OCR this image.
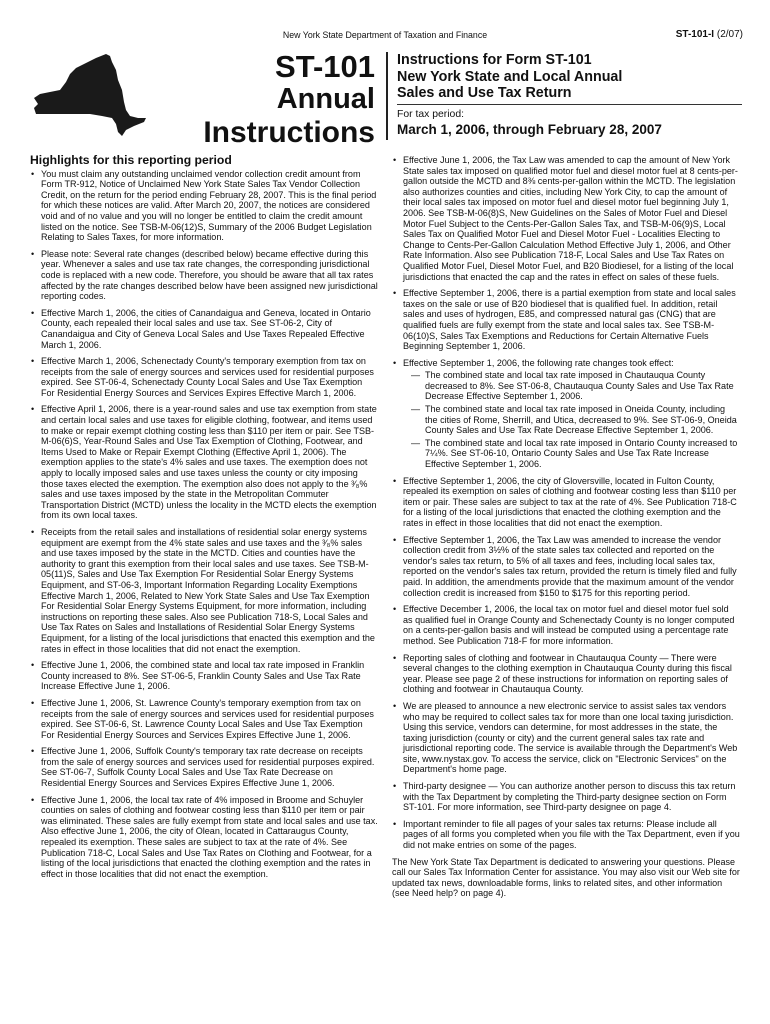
New York State Department of Taxation and Finance	ST-101-I (2/07)
ST-101
Annual
Instructions
Instructions for Form ST-101
New York State and Local Annual
Sales and Use Tax Return
For tax period:
March 1, 2006, through February 28, 2007
Highlights for this reporting period
• You must claim any outstanding unclaimed vendor collection credit amount from Form TR-912, Notice of Unclaimed New York State Sales Tax Vendor Collection Credit, on the return for the period ending February 28, 2007. This is the final period for which these notices are valid. After March 20, 2007, the notices are considered void and of no value and you will no longer be entitled to claim the credit amount listed on the notice. See TSB-M-06(12)S, Summary of the 2006 Budget Legislation Relating to Sales Taxes, for more information.
• Please note: Several rate changes (described below) became effective during this year. Whenever a sales and use tax rate changes, the corresponding jurisdictional code is replaced with a new code. Therefore, you should be aware that all tax rates affected by the rate changes described below have been assigned new jurisdictional reporting codes.
• Effective March 1, 2006, the cities of Canandaigua and Geneva, located in Ontario County, each repealed their local sales and use tax. See ST-06-2, City of Canandaigua and City of Geneva Local Sales and Use Taxes Repealed Effective March 1, 2006.
• Effective March 1, 2006, Schenectady County's temporary exemption from tax on receipts from the sale of energy sources and services used for residential purposes expired. See ST-06-4, Schenectady County Local Sales and Use Tax Exemption For Residential Energy Sources and Services Expires Effective March 1, 2006.
• Effective April 1, 2006, there is a year-round sales and use tax exemption from state and certain local sales and use taxes for eligible clothing, footwear, and items used to make or repair exempt clothing costing less than $110 per item or pair. See TSB-M-06(6)S, Year-Round Sales and Use Tax Exemption of Clothing, Footwear, and Items Used to Make or Repair Exempt Clothing (Effective April 1, 2006). The exemption applies to the state's 4% sales and use taxes. The exemption does not apply to locally imposed sales and use taxes unless the county or city imposing those taxes elected the exemption. The exemption also does not apply to the ³⁄₈% sales and use taxes imposed by the state in the Metropolitan Commuter Transportation District (MCTD) unless the locality in the MCTD elects the exemption from its own local taxes.
• Receipts from the retail sales and installations of residential solar energy systems equipment are exempt from the 4% state sales and use taxes and the ³⁄₈% sales and use taxes imposed by the state in the MCTD. Cities and counties have the authority to grant this exemption from their local sales and use taxes. See TSB-M-05(11)S, Sales and Use Tax Exemption For Residential Solar Energy Systems Equipment, and ST-06-3, Important Information Regarding Locality Exemptions Effective March 1, 2006, Related to New York State Sales and Use Tax Exemption For Residential Solar Energy Systems Equipment, for more information, including instructions on reporting these sales. Also see Publication 718-S, Local Sales and Use Tax Rates on Sales and Installations of Residential Solar Energy Systems Equipment, for a listing of the local jurisdictions that enacted this exemption and the rates in effect in those localities that did not enact the exemption.
• Effective June 1, 2006, the combined state and local tax rate imposed in Franklin County increased to 8%. See ST-06-5, Franklin County Sales and Use Tax Rate Increase Effective June 1, 2006.
• Effective June 1, 2006, St. Lawrence County's temporary exemption from tax on receipts from the sale of energy sources and services used for residential purposes expired. See ST-06-6, St. Lawrence County Local Sales and Use Tax Exemption For Residential Energy Sources and Services Expires Effective June 1, 2006.
• Effective June 1, 2006, Suffolk County's temporary tax rate decrease on receipts from the sale of energy sources and services used for residential purposes expired. See ST-06-7, Suffolk County Local Sales and Use Tax Rate Decrease on Residential Energy Sources and Services Expires Effective June 1, 2006.
• Effective June 1, 2006, the local tax rate of 4% imposed in Broome and Schuyler counties on sales of clothing and footwear costing less than $110 per item or pair was eliminated. These sales are fully exempt from state and local sales and use tax. Also effective June 1, 2006, the city of Olean, located in Cattaraugus County, repealed its exemption. These sales are subject to tax at the rate of 4%. See Publication 718-C, Local Sales and Use Tax Rates on Clothing and Footwear, for a listing of the local jurisdictions that enacted the clothing exemption and the rates in effect in those localities that did not enact the exemption.
• Effective June 1, 2006, the Tax Law was amended to cap the amount of New York State sales tax imposed on qualified motor fuel and diesel motor fuel at 8 cents-per-gallon outside the MCTD and 8⅜ cents-per-gallon within the MCTD. The legislation also authorizes counties and cities, including New York City, to cap the amount of their local sales tax imposed on motor fuel and diesel motor fuel beginning July 1, 2006. See TSB-M-06(8)S, New Guidelines on the Sales of Motor Fuel and Diesel Motor Fuel Subject to the Cents-Per-Gallon Sales Tax, and TSB-M-06(9)S, Local Sales Tax on Qualified Motor Fuel and Diesel Motor Fuel - Localities Electing to Change to Cents-Per-Gallon Calculation Method Effective July 1, 2006, and Other Rate Information. Also see Publication 718-F, Local Sales and Use Tax Rates on Qualified Motor Fuel, Diesel Motor Fuel, and B20 Biodiesel, for a listing of the local jurisdictions that enacted the cap and the rates in effect on sales of these fuels.
• Effective September 1, 2006, there is a partial exemption from state and local sales taxes on the sale or use of B20 biodiesel that is qualified fuel. In addition, retail sales and uses of hydrogen, E85, and compressed natural gas (CNG) that are qualified fuels are fully exempt from the state and local sales tax. See TSB-M-06(10)S, Sales Tax Exemptions and Reductions for Certain Alternative Fuels Beginning September 1, 2006.
• Effective September 1, 2006, the following rate changes took effect:
— The combined state and local tax rate imposed in Chautauqua County decreased to 8%. See ST-06-8, Chautauqua County Sales and Use Tax Rate Decrease Effective September 1, 2006.
— The combined state and local tax rate imposed in Oneida County, including the cities of Rome, Sherrill, and Utica, decreased to 9%. See ST-06-9, Oneida County Sales and Use Tax Rate Decrease Effective September 1, 2006.
— The combined state and local tax rate imposed in Ontario County increased to 7¼%. See ST-06-10, Ontario County Sales and Use Tax Rate Increase Effective September 1, 2006.
• Effective September 1, 2006, the city of Gloversville, located in Fulton County, repealed its exemption on sales of clothing and footwear costing less than $110 per item or pair. These sales are subject to tax at the rate of 4%. See Publication 718-C for a listing of the local jurisdictions that enacted the clothing exemption and the rates in effect in those localities that did not enact the exemption.
• Effective September 1, 2006, the Tax Law was amended to increase the vendor collection credit from 3½% of the state sales tax collected and reported on the vendor's sales tax return, to 5% of all taxes and fees, including local sales tax, reported on the vendor's sales tax return, provided the return is timely filed and fully paid. In addition, the amendments provide that the maximum amount of the vendor collection credit is increased from $150 to $175 for this reporting period.
• Effective December 1, 2006, the local tax on motor fuel and diesel motor fuel sold as qualified fuel in Orange County and Schenectady County is no longer computed on a cents-per-gallon basis and will instead be computed using a percentage rate method. See Publication 718-F for more information.
• Reporting sales of clothing and footwear in Chautauqua County — There were several changes to the clothing exemption in Chautauqua County during this fiscal year. Please see page 2 of these instructions for information on reporting sales of clothing and footwear in Chautauqua County.
• We are pleased to announce a new electronic service to assist sales tax vendors who may be required to collect sales tax for more than one local taxing jurisdiction. Using this service, vendors can determine, for most addresses in the state, the taxing jurisdiction (county or city) and the current general sales tax rate and jurisdictional reporting code. The service is available through the Department's Web site, www.nystax.gov. To access the service, click on "Electronic Services" on the Department's home page.
• Third-party designee — You can authorize another person to discuss this tax return with the Tax Department by completing the Third-party designee section on Form ST-101. For more information, see Third-party designee on page 4.
• Important reminder to file all pages of your sales tax returns: Please include all pages of all forms you completed when you file with the Tax Department, even if you did not make entries on some of the pages.
The New York State Tax Department is dedicated to answering your questions. Please call our Sales Tax Information Center for assistance. You may also visit our Web site for updated tax news, downloadable forms, links to related sites, and other information (see Need help? on page 4).
